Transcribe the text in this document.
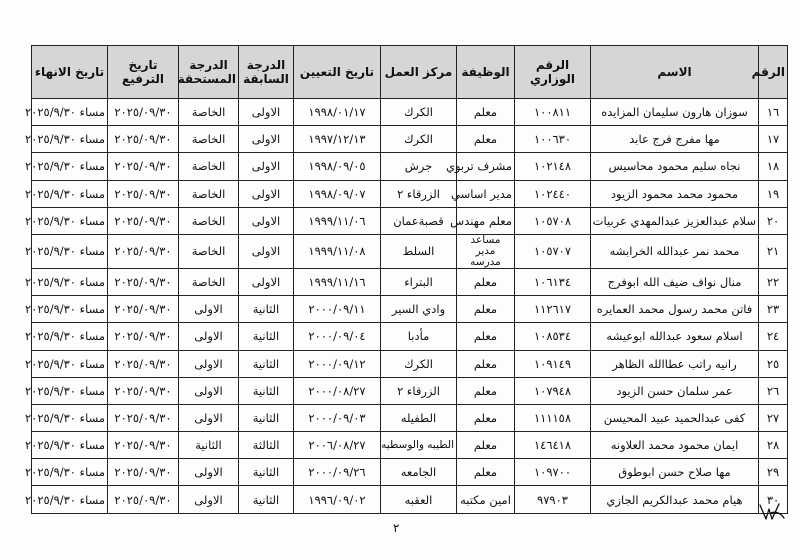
الرقم	الاسم	الرقم الوزاري	الوظيفة	مركز العمل	تاريخ التعيين	الدرجة السابقة	الدرجة المستحقة	تاريخ الترفيع	تاريخ الانهاء
١٦	سوزان هارون سليمان المزايده	١٠٠٨١١	معلم	الكرك	١٩٩٨/٠١/١٧	الاولى	الخاصة	٢٠٢٥/٠٩/٣٠	مساء ٢٠٢٥/٩/٣٠
١٧	مها مفرج فرج عابد	١٠٠٦٣٠	معلم	الكرك	١٩٩٧/١٢/١٣	الاولى	الخاصة	٢٠٢٥/٠٩/٣٠	مساء ٢٠٢٥/٩/٣٠
١٨	نجاه سليم محمود محاسيس	١٠٢١٤٨	مشرف تربوي	جرش	١٩٩٨/٠٩/٠٥	الاولى	الخاصة	٢٠٢٥/٠٩/٣٠	مساء ٢٠٢٥/٩/٣٠
١٩	محمود محمد محمود الزيود	١٠٢٤٤٠	مدير اساسي	الزرقاء ٢	١٩٩٨/٠٩/٠٧	الاولى	الخاصة	٢٠٢٥/٠٩/٣٠	مساء ٢٠٢٥/٩/٣٠
٢٠	سلام عبدالعزيز عبدالمهدي عربيات	١٠٥٧٠٨	معلم مهندس	قصبةعمان	١٩٩٩/١١/٠٦	الاولى	الخاصة	٢٠٢٥/٠٩/٣٠	مساء ٢٠٢٥/٩/٣٠
٢١	محمد نمر عبدالله الخرابشه	١٠٥٧٠٧	مساعد مدير مدرسه	السلط	١٩٩٩/١١/٠٨	الاولى	الخاصة	٢٠٢٥/٠٩/٣٠	مساء ٢٠٢٥/٩/٣٠
٢٢	منال نواف ضيف الله ابوفرج	١٠٦١٣٤	معلم	البتراء	١٩٩٩/١١/١٦	الاولى	الخاصة	٢٠٢٥/٠٩/٣٠	مساء ٢٠٢٥/٩/٣٠
٢٣	فاتن محمد رسول محمد العمايره	١١٢٦١٧	معلم	وادي السير	٢٠٠٠/٠٩/١١	الثانية	الاولى	٢٠٢٥/٠٩/٣٠	مساء ٢٠٢٥/٩/٣٠
٢٤	اسلام سعود عبدالله ابوعيشه	١٠٨٥٣٤	معلم	مأدبا	٢٠٠٠/٠٩/٠٤	الثانية	الاولى	٢٠٢٥/٠٩/٣٠	مساء ٢٠٢٥/٩/٣٠
٢٥	رانيه راتب عطاالله الظاهر	١٠٩١٤٩	معلم	الكرك	٢٠٠٠/٠٩/١٢	الثانية	الاولى	٢٠٢٥/٠٩/٣٠	مساء ٢٠٢٥/٩/٣٠
٢٦	عمر سلمان حسن الزيود	١٠٧٩٤٨	معلم	الزرقاء ٢	٢٠٠٠/٠٨/٢٧	الثانية	الاولى	٢٠٢٥/٠٩/٣٠	مساء ٢٠٢٥/٩/٣٠
٢٧	كفى عبدالحميد عبيد المحيسن	١١١١٥٨	معلم	الطفيله	٢٠٠٠/٠٩/٠٣	الثانية	الاولى	٢٠٢٥/٠٩/٣٠	مساء ٢٠٢٥/٩/٣٠
٢٨	ايمان محمود محمد العلاونه	١٤٦٤١٨	معلم	الطيبه والوسطيه	٢٠٠٦/٠٨/٢٧	الثالثة	الثانية	٢٠٢٥/٠٩/٣٠	مساء ٢٠٢٥/٩/٣٠
٢٩	مها صلاح حسن ابوطوق	١٠٩٧٠٠	معلم	الجامعه	٢٠٠٠/٠٩/٢٦	الثانية	الاولى	٢٠٢٥/٠٩/٣٠	مساء ٢٠٢٥/٩/٣٠
٣٠	هيام محمد عبدالكريم الجازي	٩٧٩٠٣	امين مكتبه	العقبه	١٩٩٦/٠٩/٠٢	الثانية	الاولى	٢٠٢٥/٠٩/٣٠	مساء ٢٠٢٥/٩/٣٠
٢
